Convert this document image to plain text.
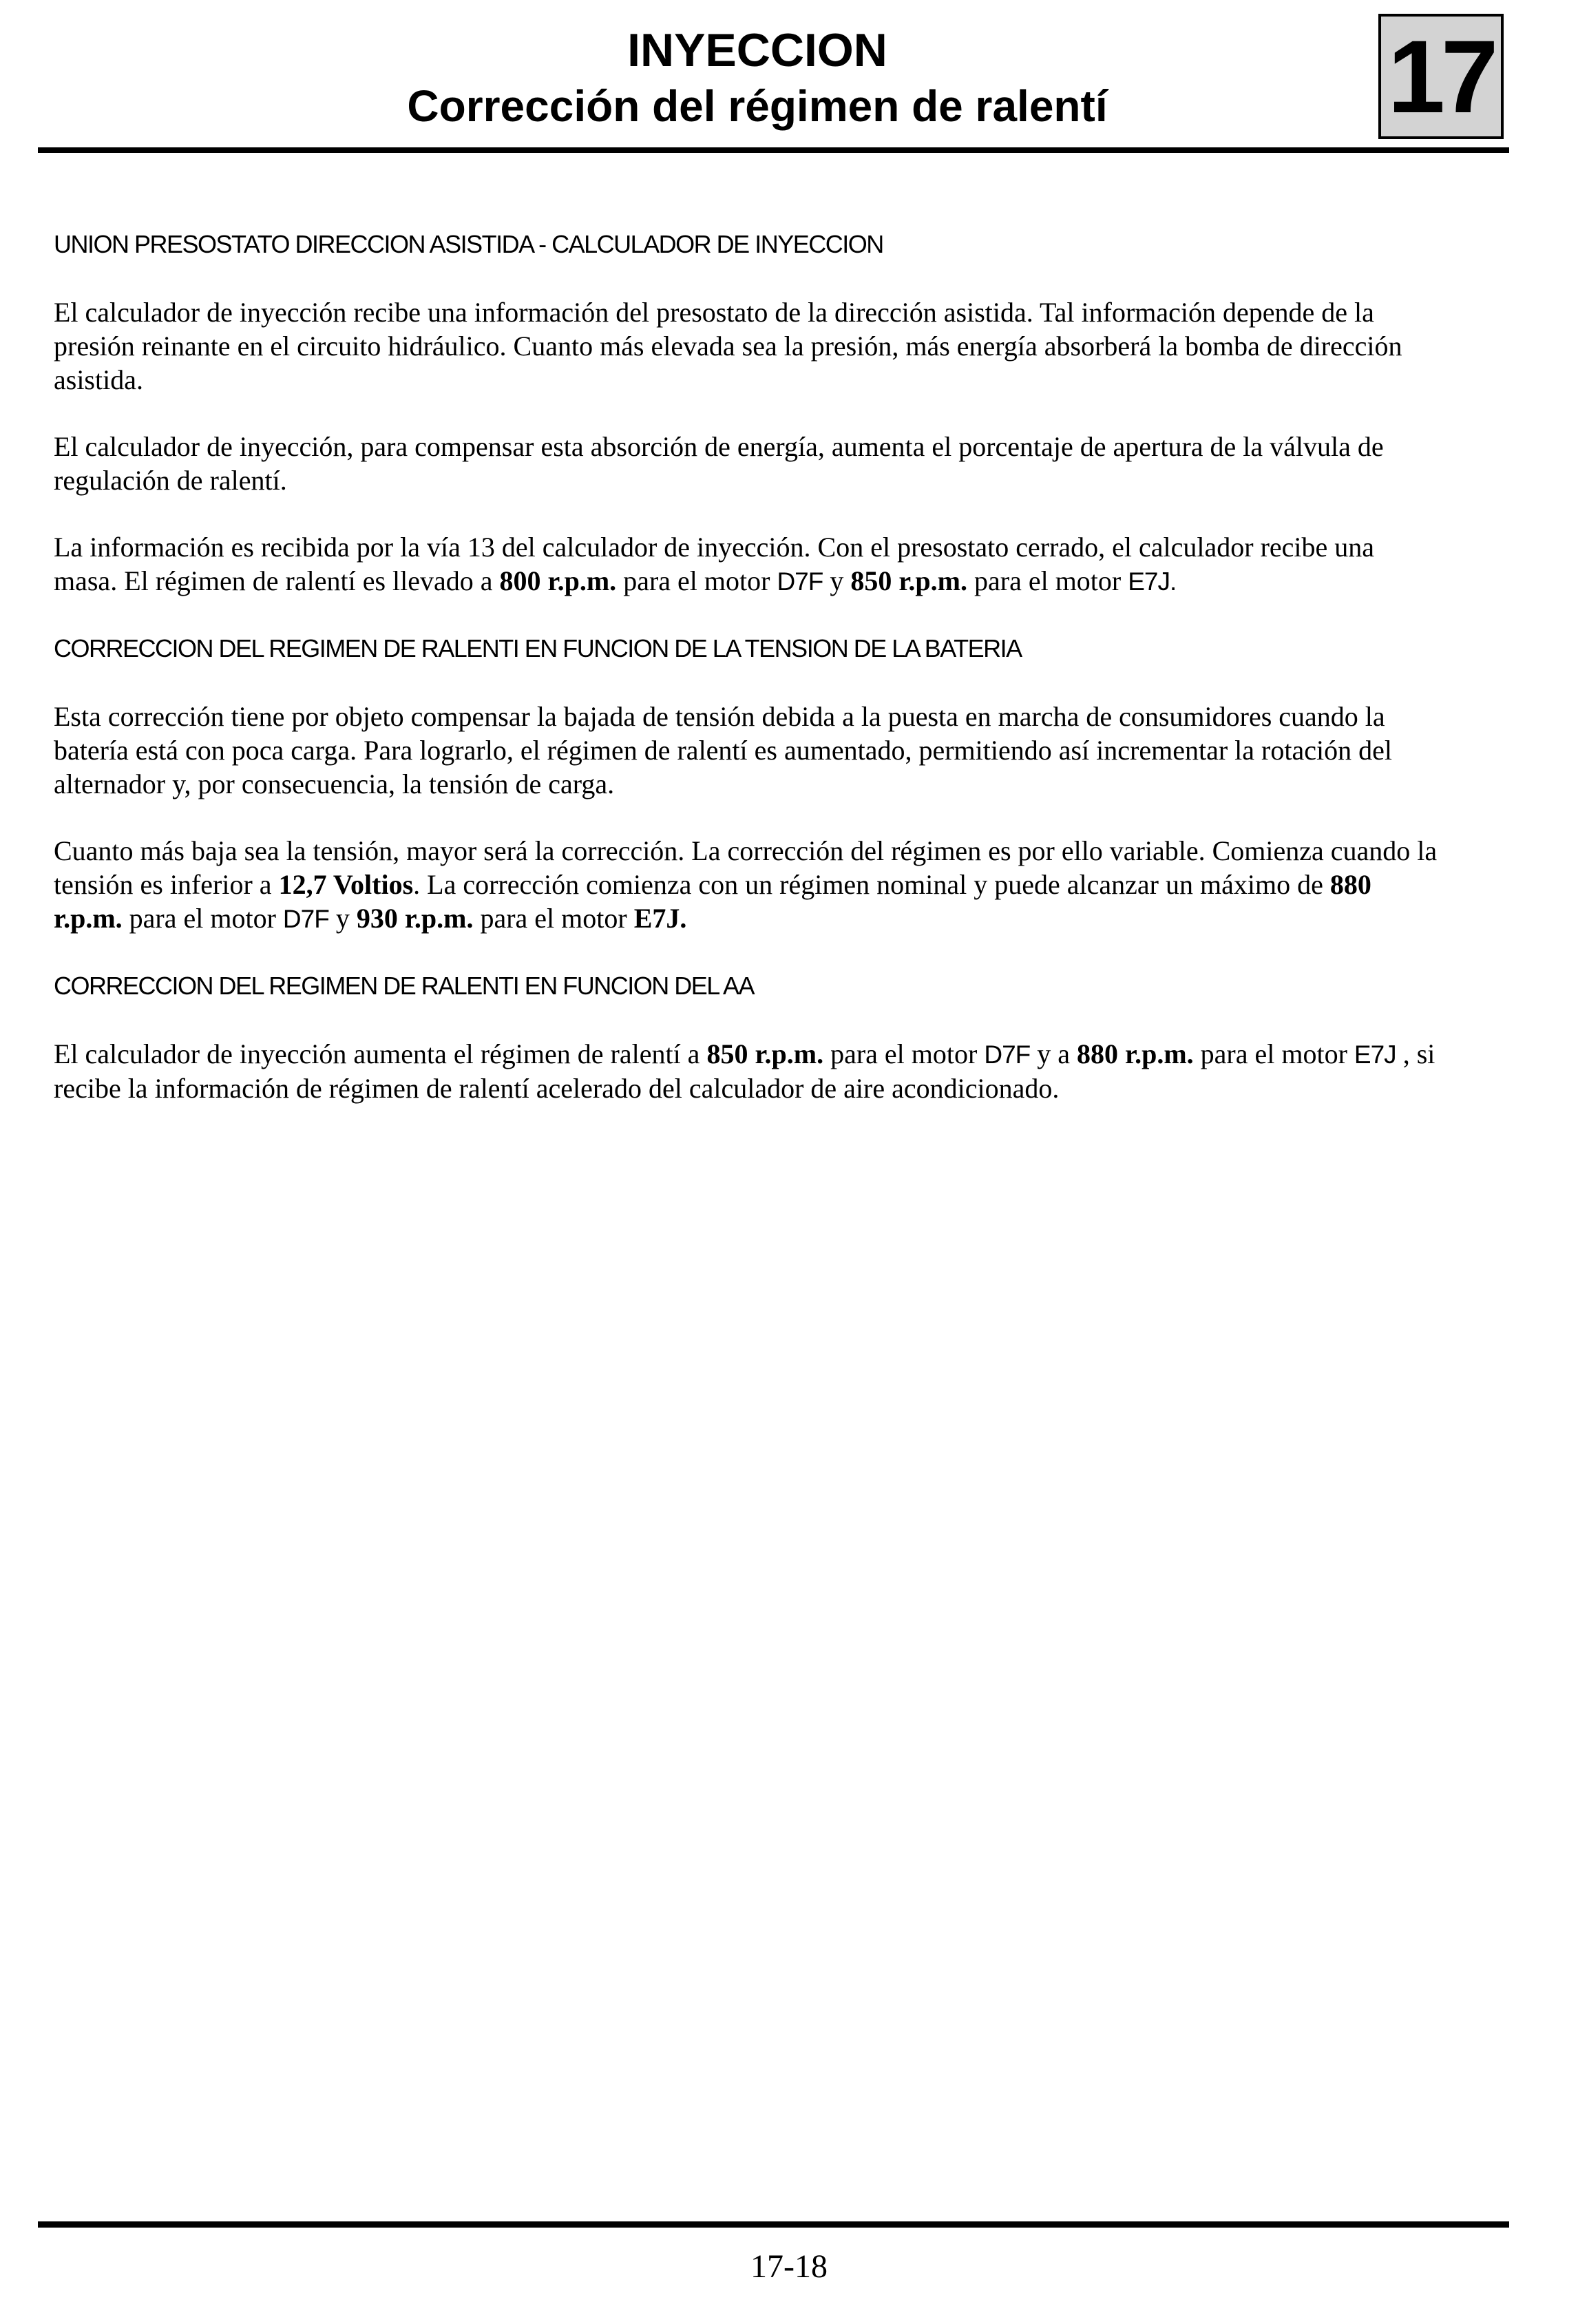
INYECCION
Corrección del régimen de ralentí	17
UNION PRESOSTATO DIRECCION ASISTIDA - CALCULADOR DE INYECCION

El calculador de inyección recibe una información del presostato de la dirección asistida. Tal información depende de la presión reinante en el circuito hidráulico. Cuanto más elevada sea la presión, más energía absorberá la bomba de dirección asistida.

El calculador de inyección, para compensar esta absorción de energía, aumenta el porcentaje de apertura de la válvula de regulación de ralentí.

La información es recibida por la vía 13 del calculador de inyección. Con el presostato cerrado, el calculador recibe una masa. El régimen de ralentí es llevado a 800 r.p.m. para el motor D7F y 850 r.p.m. para el motor E7J.

CORRECCION DEL REGIMEN DE RALENTI EN FUNCION DE LA TENSION DE LA BATERIA

Esta corrección tiene por objeto compensar la bajada de tensión debida a la puesta en marcha de consumidores cuando la batería está con poca carga. Para lograrlo, el régimen de ralentí es aumentado, permitiendo así incrementar la rotación del alternador y, por consecuencia, la tensión de carga.

Cuanto más baja sea la tensión, mayor será la corrección. La corrección del régimen es por ello variable. Comienza cuando la tensión es inferior a 12,7 Voltios. La corrección comienza con un régimen nominal y puede alcanzar un máximo de 880 r.p.m. para el motor D7F y 930 r.p.m. para el motor E7J.

CORRECCION DEL REGIMEN DE RALENTI EN FUNCION DEL AA

El calculador de inyección aumenta el régimen de ralentí a 850 r.p.m. para el motor D7F y a 880 r.p.m. para el motor E7J , si recibe la información de régimen de ralentí acelerado del calculador de aire acondicionado.

17-18
